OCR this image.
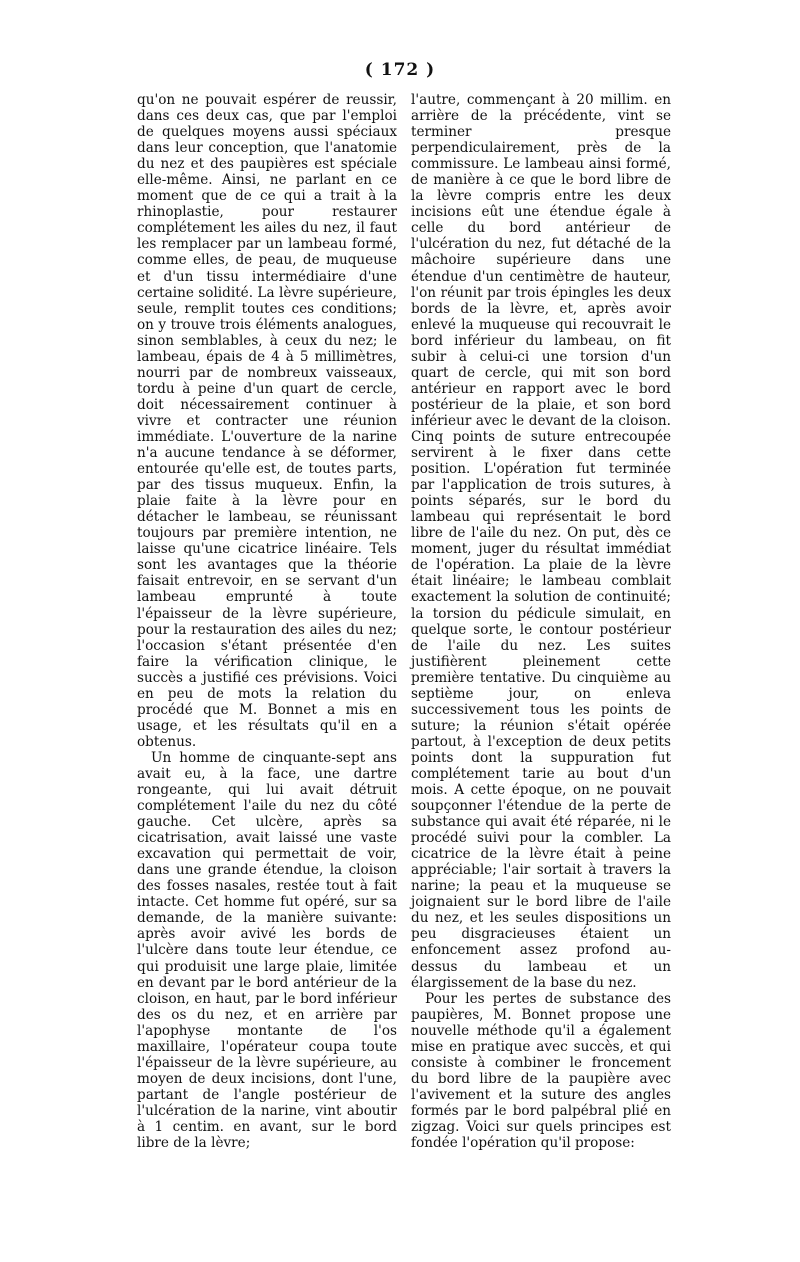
( 172 )

qu'on ne pouvait espérer de reussir, dans ces deux cas, que par l'emploi de quelques moyens aussi spéciaux dans leur conception, que l'anatomie du nez et des paupières est spéciale elle-même. Ainsi, ne parlant en ce moment que de ce qui a trait à la rhinoplastie, pour restaurer complétement les ailes du nez, il faut les remplacer par un lambeau formé, comme elles, de peau, de muqueuse et d'un tissu intermédiaire d'une certaine solidité. La lèvre supérieure, seule, remplit toutes ces conditions; on y trouve trois éléments analogues, sinon semblables, à ceux du nez; le lambeau, épais de 4 à 5 millimètres, nourri par de nombreux vaisseaux, tordu à peine d'un quart de cercle, doit nécessairement continuer à vivre et contracter une réunion immédiate. L'ouverture de la narine n'a aucune tendance à se déformer, entourée qu'elle est, de toutes parts, par des tissus muqueux. Enfin, la plaie faite à la lèvre pour en détacher le lambeau, se réunissant toujours par première intention, ne laisse qu'une cicatrice linéaire. Tels sont les avantages que la théorie faisait entrevoir, en se servant d'un lambeau emprunté à toute l'épaisseur de la lèvre supérieure, pour la restauration des ailes du nez; l'occasion s'étant présentée d'en faire la vérification clinique, le succès a justifié ces prévisions. Voici en peu de mots la relation du procédé que M. Bonnet a mis en usage, et les résultats qu'il en a obtenus.

Un homme de cinquante-sept ans avait eu, à la face, une dartre rongeante, qui lui avait détruit complétement l'aile du nez du côté gauche. Cet ulcère, après sa cicatrisation, avait laissé une vaste excavation qui permettait de voir, dans une grande étendue, la cloison des fosses nasales, restée tout à fait intacte. Cet homme fut opéré, sur sa demande, de la manière suivante: après avoir avivé les bords de l'ulcère dans toute leur étendue, ce qui produisit une large plaie, limitée en devant par le bord antérieur de la cloison, en haut, par le bord inférieur des os du nez, et en arrière par l'apophyse montante de l'os maxillaire, l'opérateur coupa toute l'épaisseur de la lèvre supérieure, au moyen de deux incisions, dont l'une, partant de l'angle postérieur de l'ulcération de la narine, vint aboutir à 1 centim. en avant, sur le bord libre de la lèvre;

l'autre, commençant à 20 millim. en arrière de la précédente, vint se terminer presque perpendiculairement, près de la commissure. Le lambeau ainsi formé, de manière à ce que le bord libre de la lèvre compris entre les deux incisions eût une étendue égale à celle du bord antérieur de l'ulcération du nez, fut détaché de la mâchoire supérieure dans une étendue d'un centimètre de hauteur, l'on réunit par trois épingles les deux bords de la lèvre, et, après avoir enlevé la muqueuse qui recouvrait le bord inférieur du lambeau, on fit subir à celui-ci une torsion d'un quart de cercle, qui mit son bord antérieur en rapport avec le bord postérieur de la plaie, et son bord inférieur avec le devant de la cloison. Cinq points de suture entrecoupée servirent à le fixer dans cette position. L'opération fut terminée par l'application de trois sutures, à points séparés, sur le bord du lambeau qui représentait le bord libre de l'aile du nez. On put, dès ce moment, juger du résultat immédiat de l'opération. La plaie de la lèvre était linéaire; le lambeau comblait exactement la solution de continuité; la torsion du pédicule simulait, en quelque sorte, le contour postérieur de l'aile du nez. Les suites justifièrent pleinement cette première tentative. Du cinquième au septième jour, on enleva successivement tous les points de suture; la réunion s'était opérée partout, à l'exception de deux petits points dont la suppuration fut complétement tarie au bout d'un mois. A cette époque, on ne pouvait soupçonner l'étendue de la perte de substance qui avait été réparée, ni le procédé suivi pour la combler. La cicatrice de la lèvre était à peine appréciable; l'air sortait à travers la narine; la peau et la muqueuse se joignaient sur le bord libre de l'aile du nez, et les seules dispositions un peu disgracieuses étaient un enfoncement assez profond au-dessus du lambeau et un élargissement de la base du nez.

Pour les pertes de substance des paupières, M. Bonnet propose une nouvelle méthode qu'il a également mise en pratique avec succès, et qui consiste à combiner le froncement du bord libre de la paupière avec l'avivement et la suture des angles formés par le bord palpébral plié en zigzag. Voici sur quels principes est fondée l'opération qu'il propose:
